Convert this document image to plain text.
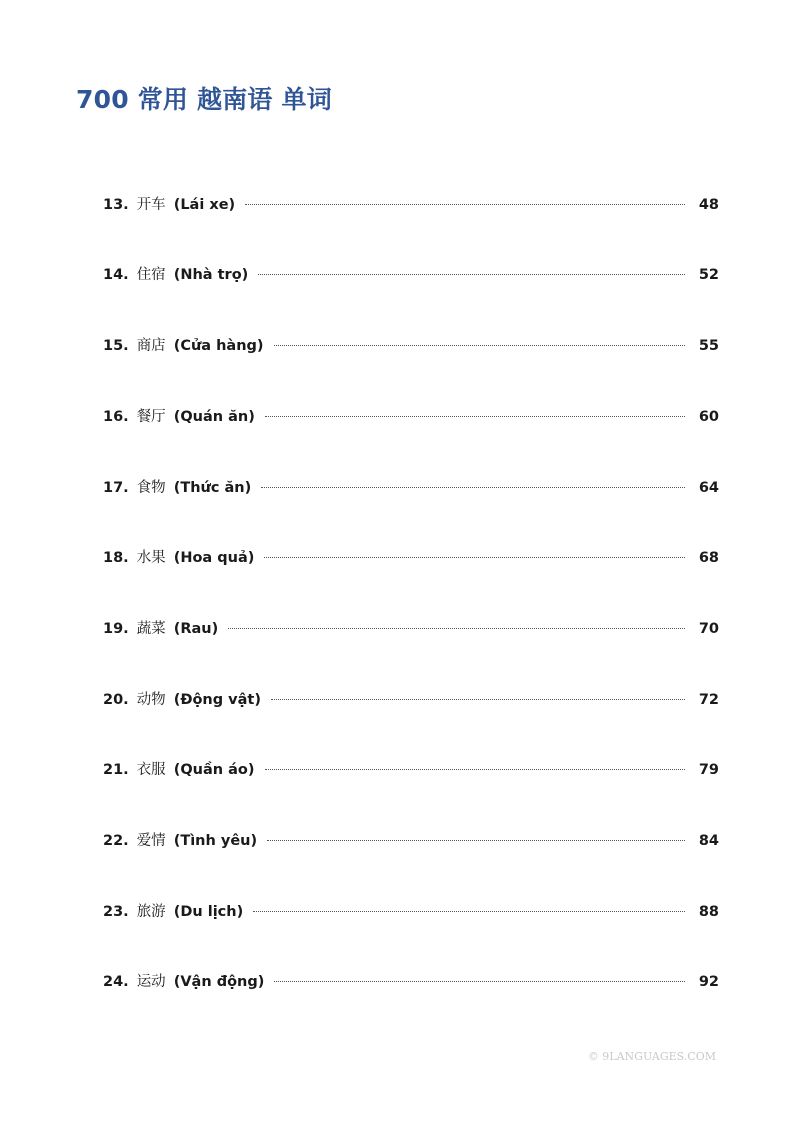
700 常用 越南语 单词
13. 开车 (Lái xe)	48
14. 住宿 (Nhà trọ)	52
15. 商店 (Cửa hàng)	55
16. 餐厅 (Quán ăn)	60
17. 食物 (Thức ăn)	64
18. 水果 (Hoa quả)	68
19. 蔬菜 (Rau)	70
20. 动物 (Động vật)	72
21. 衣服 (Quần áo)	79
22. 爱情 (Tình yêu)	84
23. 旅游 (Du lịch)	88
24. 运动 (Vận động)	92
© 9LANGUAGES.COM
